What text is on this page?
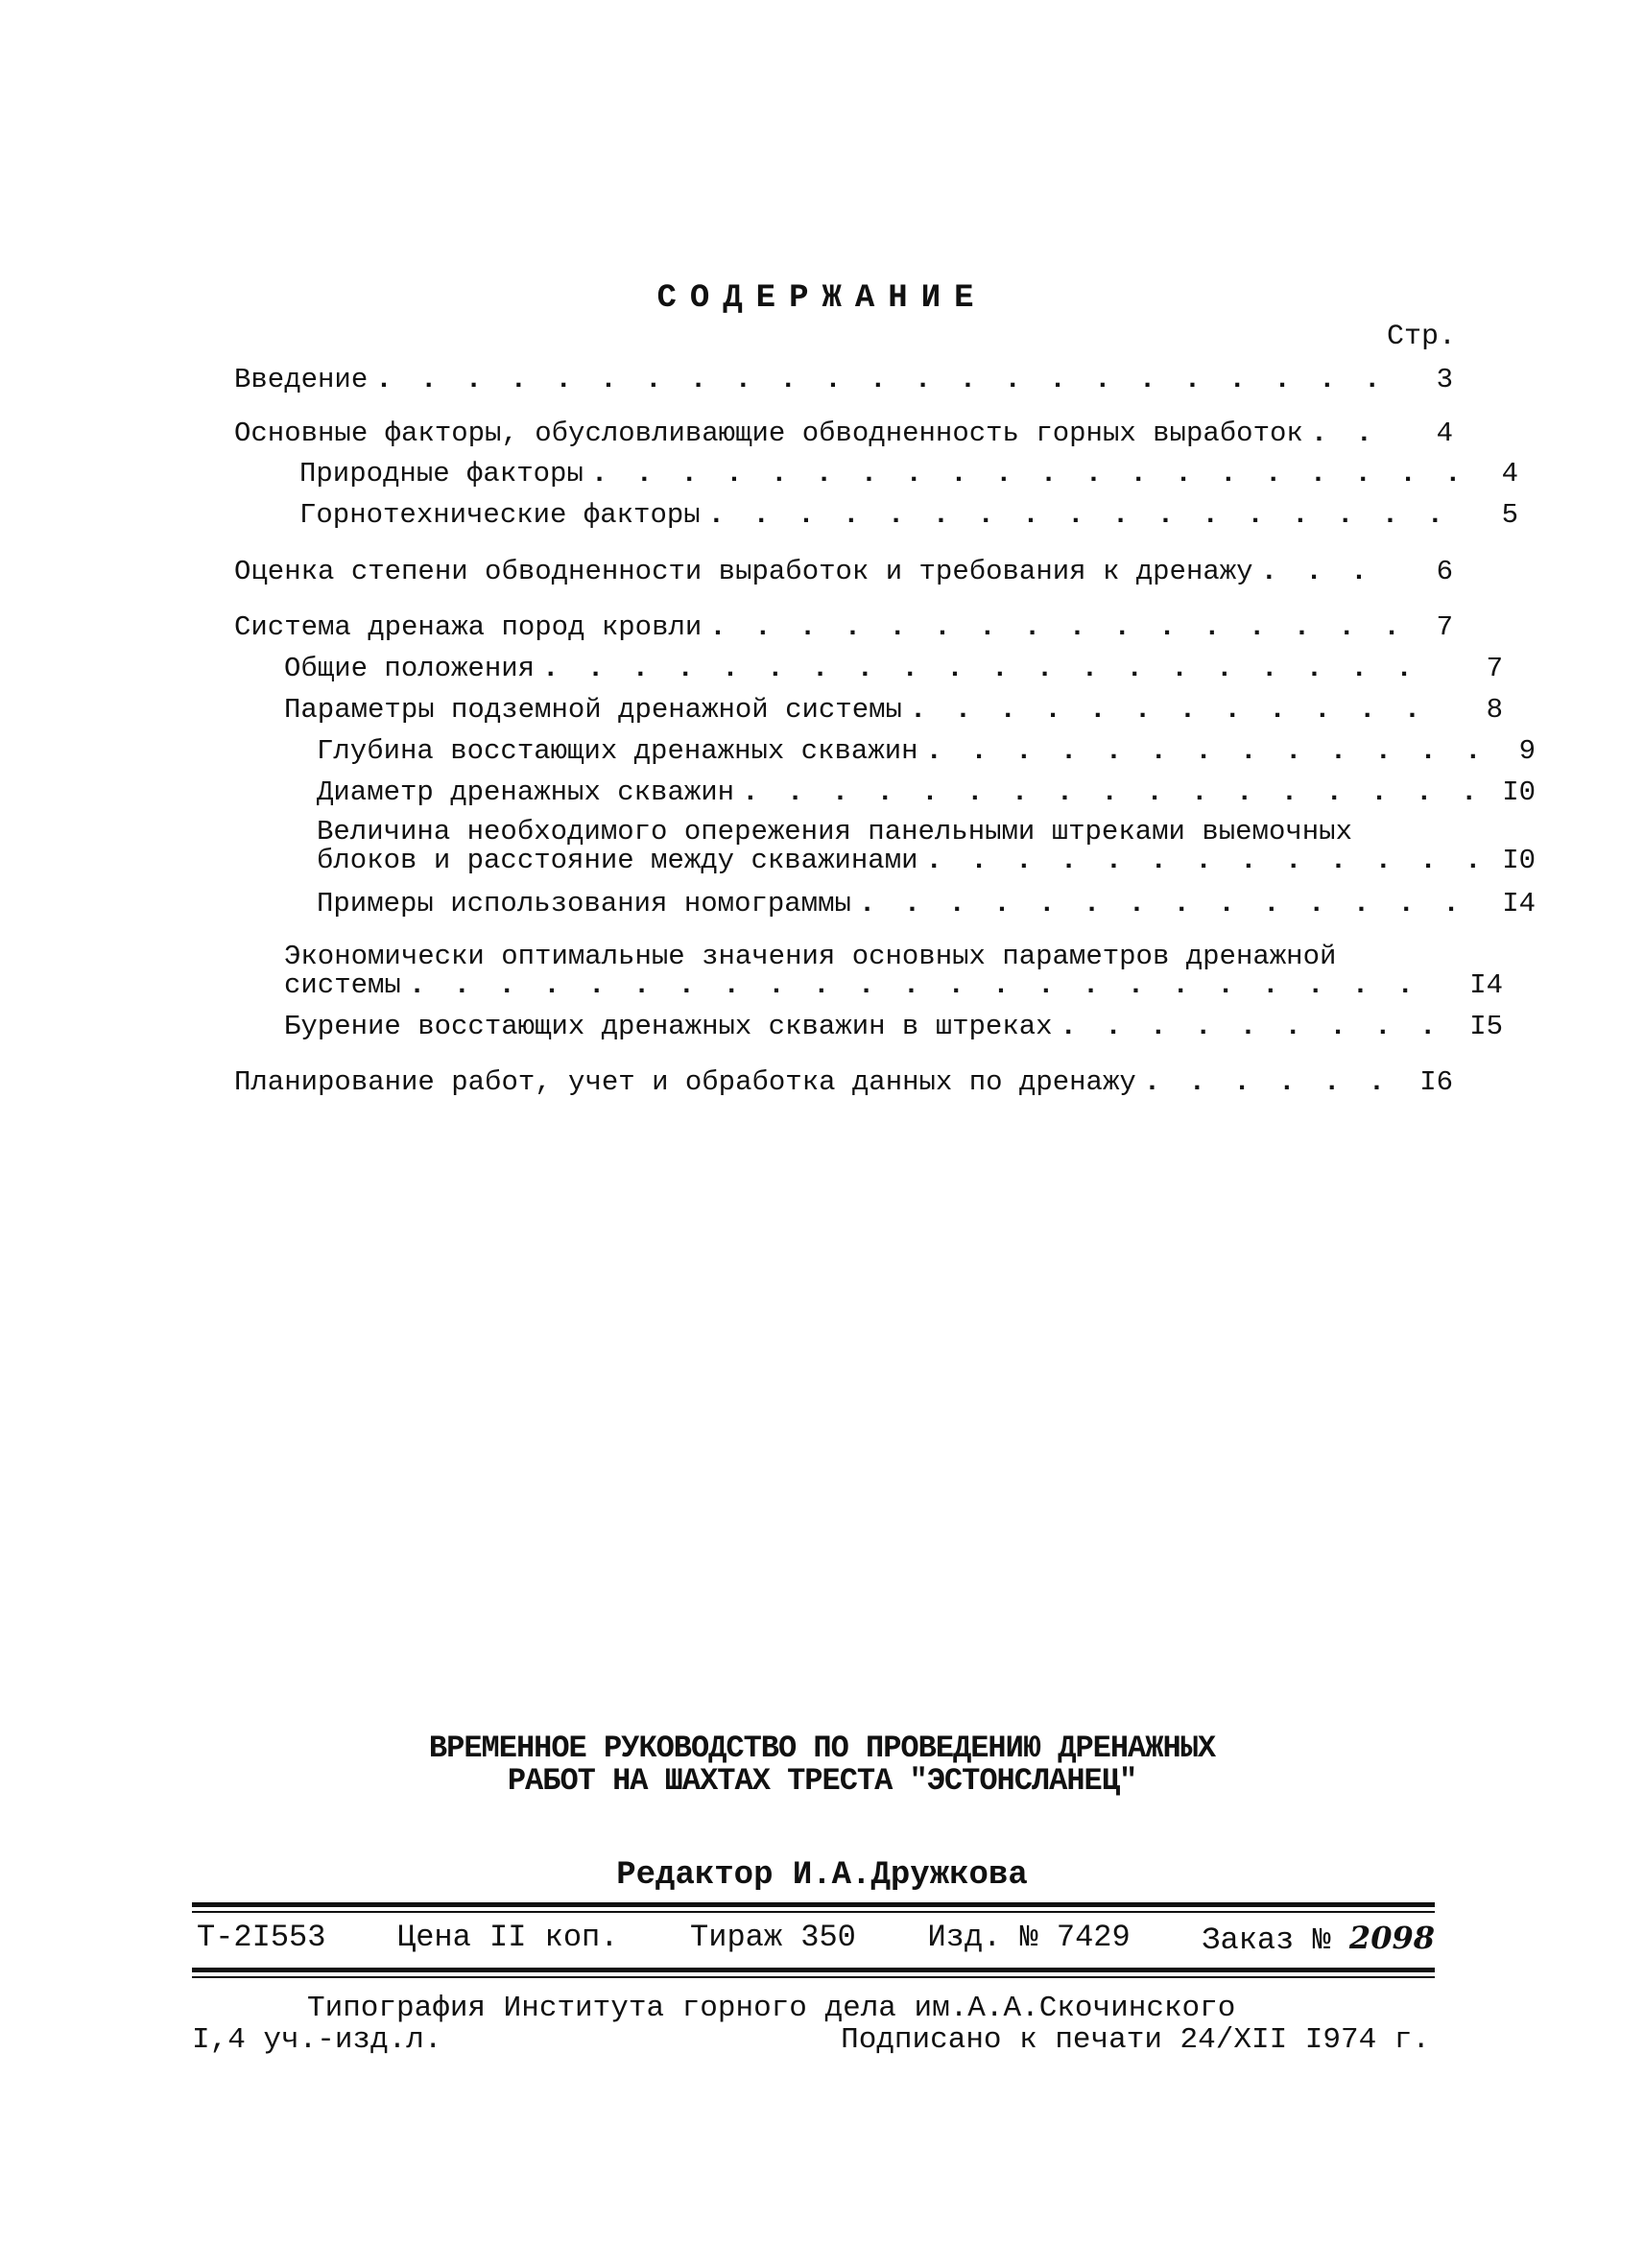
СОДЕРЖАНИЕ
Стр.
Введение . . .	3
Основные факторы, обусловливающие обводненность горных выработок . . .	4
Природные факторы . . .	4
Горнотехнические факторы . . .	5
Оценка степени обводненности выработок и требования к дренажу . . .	6
Система дренажа пород кровли . . .	7
Общие положения . . .	7
Параметры подземной дренажной системы . . .	8
Глубина восстающих дренажных скважин . . .	9
Диаметр дренажных скважин . . .	I0
Величина необходимого опережения панельными штреками выемочных
блоков и расстояние между скважинами . . .	I0
Примеры использования номограммы . . .	I4
Экономически оптимальные значения основных параметров дренажной
системы . . .	I4
Бурение восстающих дренажных скважин в штреках . . .	I5
Планирование работ, учет и обработка данных по дренажу . . .	I6
ВРЕМЕННОЕ РУКОВОДСТВО ПО ПРОВЕДЕНИЮ ДРЕНАЖНЫХ
РАБОТ НА ШАХТАХ ТРЕСТА "ЭСТОНСЛАНЕЦ"
Редактор И.А.Дружкова
Т-2I553 Цена II коп. Тираж 350 Изд. № 7429 Заказ № 2098
Типография Института горного дела им.А.А.Скочинского
I,4 уч.-изд.л.	Подписано к печати 24/XII I974 г.
